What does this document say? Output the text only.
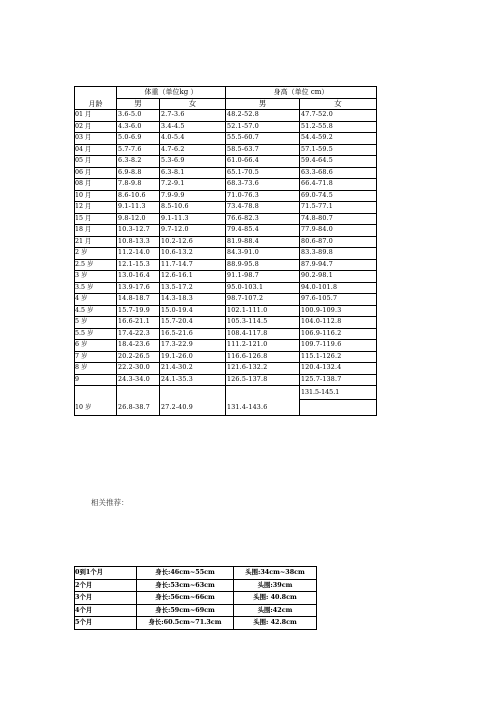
月龄	体重（单位kg ）		身高（单位 cm）	
	男	女	男	女
01 月	3.6-5.0	2.7-3.6	48.2-52.8	47.7-52.0
02 月	4.3-6.0	3.4-4.5	52.1-57.0	51.2-55.8
03 月	5.0-6.9	4.0-5.4	55.5-60.7	54.4-59.2
04 月	5.7-7.6	4.7-6.2	58.5-63.7	57.1-59.5
05 月	6.3-8.2	5.3-6.9	61.0-66.4	59.4-64.5
06 月	6.9-8.8	6.3-8.1	65.1-70.5	63.3-68.6
08 月	7.8-9.8	7.2-9.1	68.3-73.6	66.4-71.8
10 月	8.6-10.6	7.9-9.9	71.0-76.3	69.0-74.5
12 月	9.1-11.3	8.5-10.6	73.4-78.8	71.5-77.1
15 月	9.8-12.0	9.1-11.3	76.6-82.3	74.8-80.7
18 月	10.3-12.7	9.7-12.0	79.4-85.4	77.9-84.0
21 月	10.8-13.3	10.2-12.6	81.9-88.4	80.6-87.0
2 岁	11.2-14.0	10.6-13.2	84.3-91.0	83.3-89.8
2.5 岁	12.1-15.3	11.7-14.7	88.9-95.8	87.9-94.7
3 岁	13.0-16.4	12.6-16.1	91.1-98.7	90.2-98.1
3.5 岁	13.9-17.6	13.5-17.2	95.0-103.1	94.0-101.8
4 岁	14.8-18.7	14.3-18.3	98.7-107.2	97.6-105.7
4.5 岁	15.7-19.9	15.0-19.4	102.1-111.0	100.9-109.3
5 岁	16.6-21.1	15.7-20.4	105.3-114.5	104.0-112.8
5.5 岁	17.4-22.3	16.5-21.6	108.4-117.8	106.9-116.2
6 岁	18.4-23.6	17.3-22.9	111.2-121.0	109.7-119.6
7 岁	20.2-26.5	19.1-26.0	116.6-126.8	115.1-126.2
8 岁	22.2-30.0	21.4-30.2	121.6-132.2	120.4-132.4
9	24.3-34.0	24.1-35.3	126.5-137.8	125.7-138.7
10 岁	26.8-38.7	27.2-40.9	131.4-143.6	131.5-145.1
相关推荐：
0到1个月	身长:46cm~55cm	头围:34cm~38cm
2个月	身长:53cm~63cm	头围:39cm
3个月	身长:56cm~66cm	头围: 40.8cm
4个月	身长:59cm~69cm	头围:42cm
5个月	身长:60.5cm~71.3cm	头围: 42.8cm
